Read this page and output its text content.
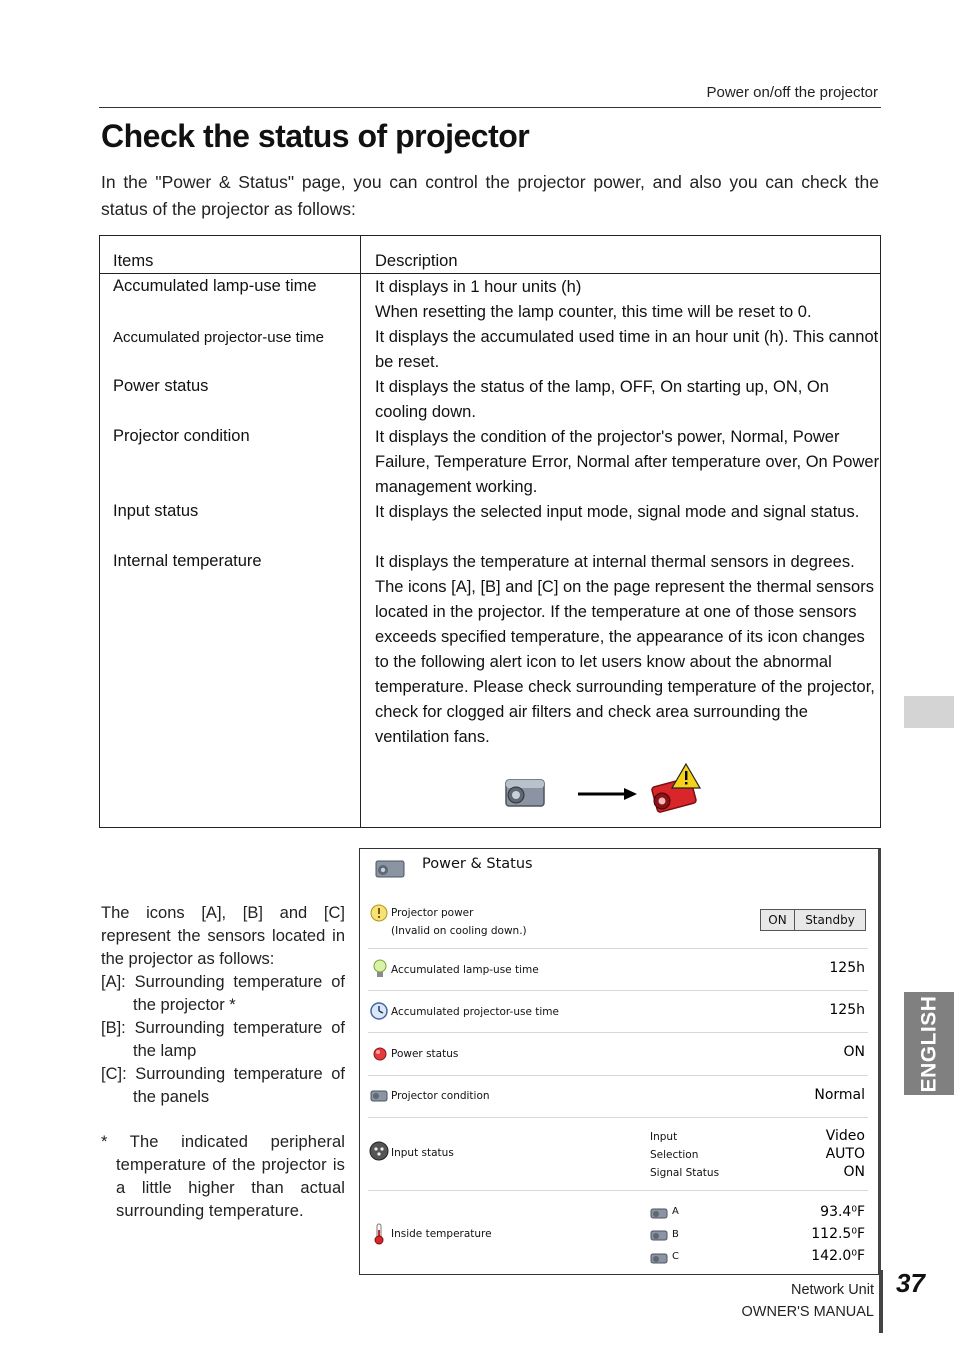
Power on/off the projector
Check the status of projector

In the "Power & Status" page, you can control the projector power, and also you can check the status of the projector as follows:

Items	Description
Accumulated lamp-use time	It displays in 1 hour units (h)
When resetting the lamp counter, this time will be reset to 0.
Accumulated projector-use time	It displays the accumulated used time in an hour unit (h). This cannot be reset.
Power status	It displays the status of the lamp, OFF, On starting up, ON, On cooling down.
Projector condition	It displays the condition of the projector's power, Normal, Power Failure, Temperature Error, Normal after temperature over, On Power management working.
Input status	It displays the selected input mode, signal mode and signal status.
Internal temperature	It displays the temperature at internal thermal sensors in degrees. The icons [A], [B] and [C] on the page represent the thermal sensors located in the projector. If the temperature at one of those sensors exceeds specified temperature, the appearance of its icon changes to the following alert icon to let users know about the abnormal temperature. Please check surrounding temperature of the projector, check for clogged air filters and check area surrounding the ventilation fans.
ENGLISH
The icons [A], [B] and [C] represent the sensors located in the projector as follows:
[A]: Surrounding temperature of the projector *
[B]: Surrounding temperature of the lamp
[C]: Surrounding temperature of the panels
* The indicated peripheral temperature of the projector is a little higher than actual surrounding temperature.
Power & Status
Projector power
(Invalid on cooling down.)
ON	Standby
Accumulated lamp-use time	125h
Accumulated projector-use time	125h
Power status	ON
Projector condition	Normal
Input status
Input	Video
Selection	AUTO
Signal Status	ON
Inside temperature
A	93.4⁰F
B	112.5⁰F
C	142.0⁰F
Network Unit
OWNER'S MANUAL
37
